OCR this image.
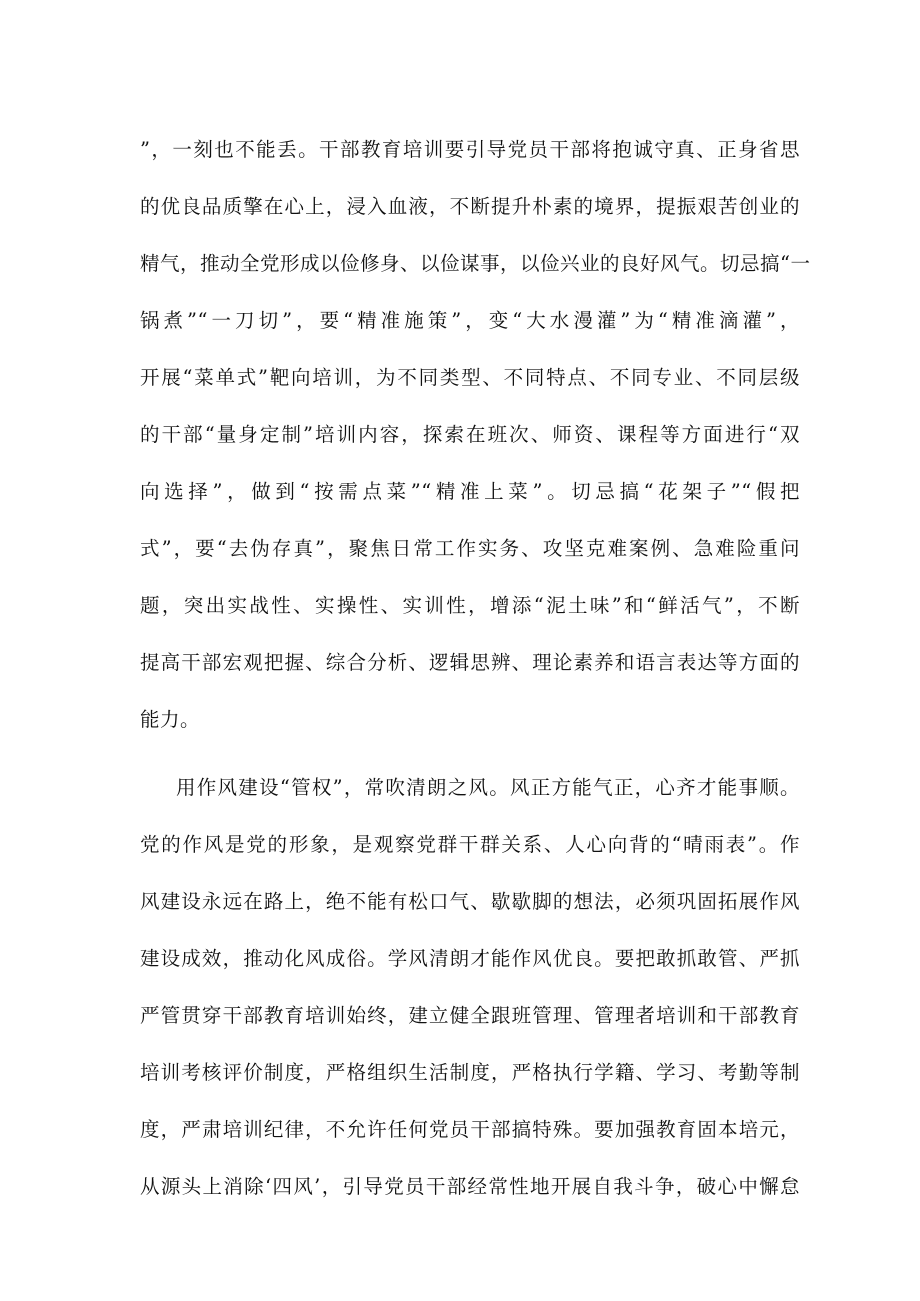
”，一刻也不能丢。干部教育培训要引导党员干部将抱诚守真、正身省思
的优良品质擎在心上，浸入血液，不断提升朴素的境界，提振艰苦创业的
精气，推动全党形成以俭修身、以俭谋事，以俭兴业的良好风气。切忌搞“一
锅煮”“一刀切”，要“精准施策”，变“大水漫灌”为“精准滴灌”，
开展“菜单式”靶向培训，为不同类型、不同特点、不同专业、不同层级
的干部“量身定制”培训内容，探索在班次、师资、课程等方面进行“双
向选择”，做到“按需点菜”“精准上菜”。切忌搞“花架子”“假把
式”，要“去伪存真”，聚焦日常工作实务、攻坚克难案例、急难险重问
题，突出实战性、实操性、实训性，增添“泥土味”和“鲜活气”，不断
提高干部宏观把握、综合分析、逻辑思辨、理论素养和语言表达等方面的
能力。
用作风建设“管权”，常吹清朗之风。风正方能气正，心齐才能事顺。
党的作风是党的形象，是观察党群干群关系、人心向背的“晴雨表”。作
风建设永远在路上，绝不能有松口气、歇歇脚的想法，必须巩固拓展作风
建设成效，推动化风成俗。学风清朗才能作风优良。要把敢抓敢管、严抓
严管贯穿干部教育培训始终，建立健全跟班管理、管理者培训和干部教育
培训考核评价制度，严格组织生活制度，严格执行学籍、学习、考勤等制
度，严肃培训纪律，不允许任何党员干部搞特殊。要加强教育固本培元，
从源头上消除‘四风’，引导党员干部经常性地开展自我斗争，破心中懈怠
